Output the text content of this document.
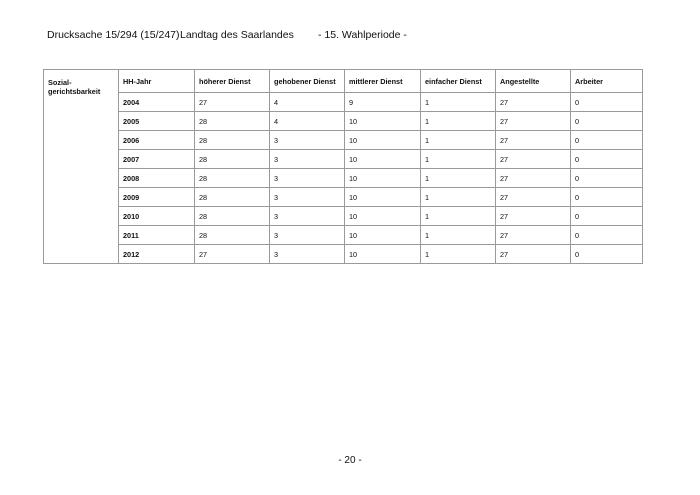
Drucksache 15/294 (15/247)Landtag des Saarlandes - 15. Wahlperiode -
Sozial-gerichtsbarkeit	HH-Jahr	höherer Dienst	gehobener Dienst	mittlerer Dienst	einfacher Dienst	Angestellte	Arbeiter
	2004	27	4	9	1	27	0
	2005	28	4	10	1	27	0
	2006	28	3	10	1	27	0
	2007	28	3	10	1	27	0
	2008	28	3	10	1	27	0
	2009	28	3	10	1	27	0
	2010	28	3	10	1	27	0
	2011	28	3	10	1	27	0
	2012	27	3	10	1	27	0
- 20 -
